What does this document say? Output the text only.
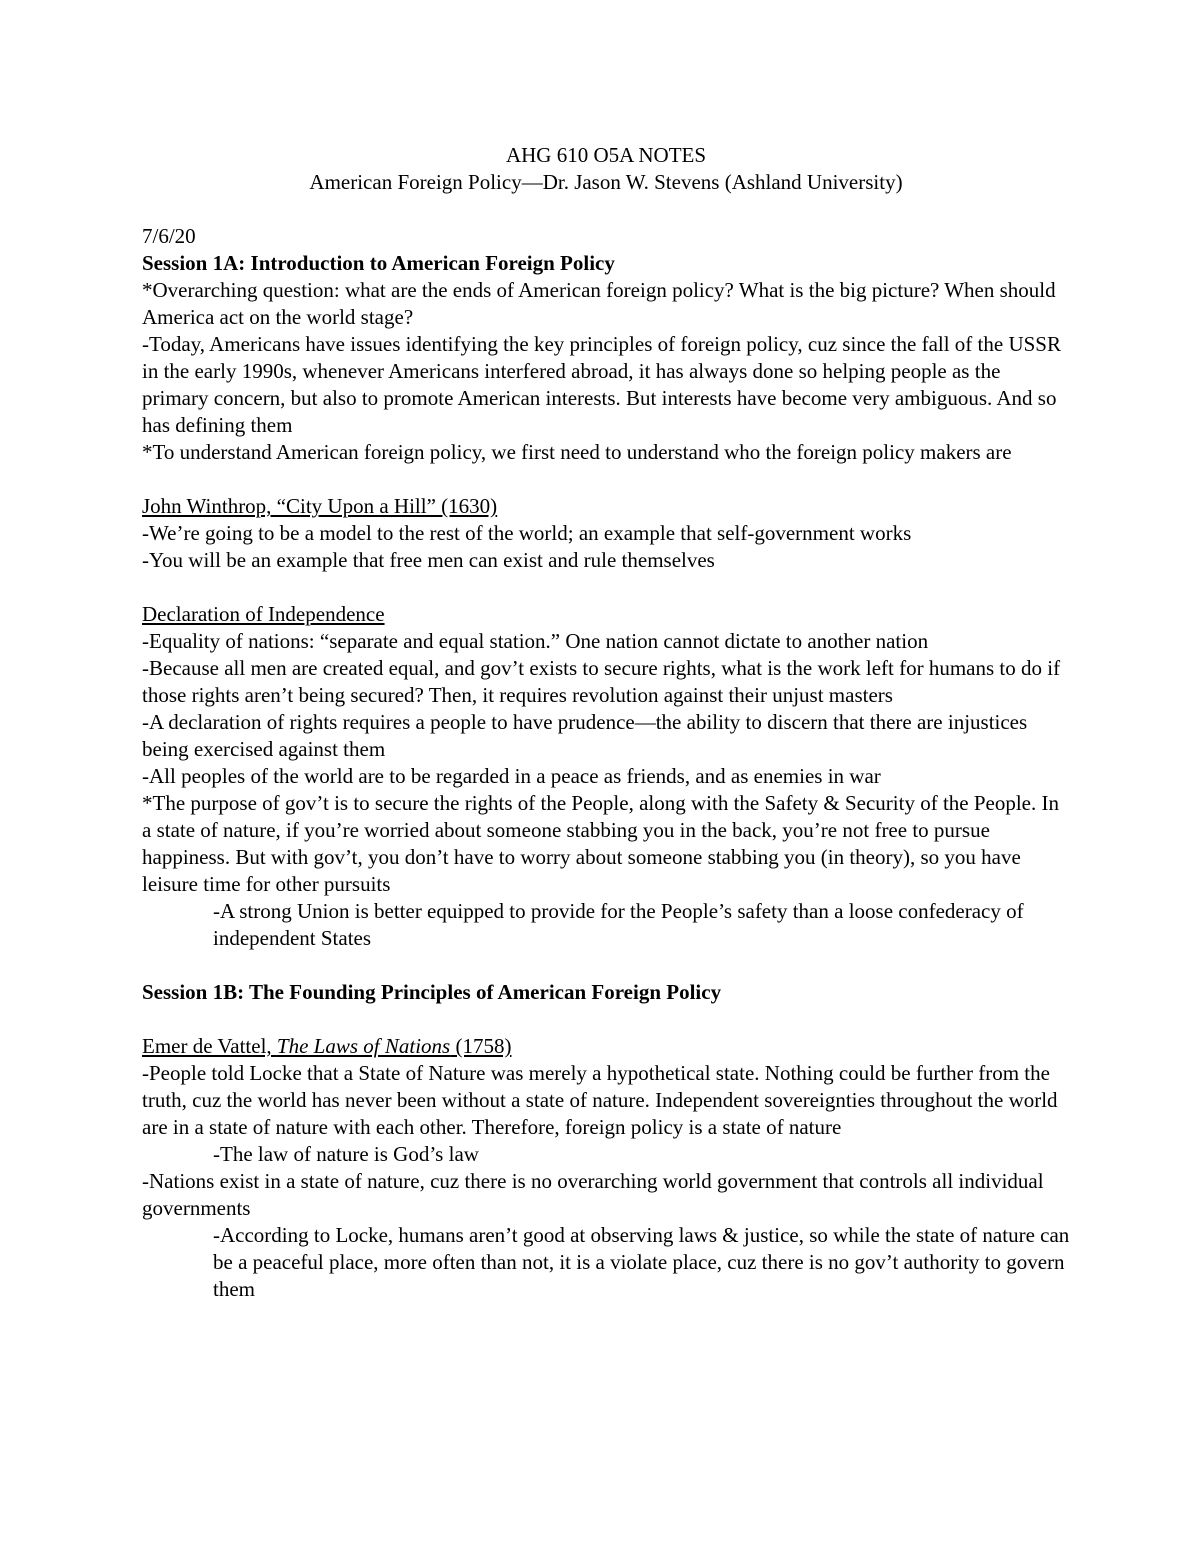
AHG 610 O5A NOTES

American Foreign Policy—Dr. Jason W. Stevens (Ashland University)

7/6/20

Session 1A: Introduction to American Foreign Policy

*Overarching question: what are the ends of American foreign policy? What is the big picture? When should America act on the world stage?

-Today, Americans have issues identifying the key principles of foreign policy, cuz since the fall of the USSR in the early 1990s, whenever Americans interfered abroad, it has always done so helping people as the primary concern, but also to promote American interests. But interests have become very ambiguous. And so has defining them

*To understand American foreign policy, we first need to understand who the foreign policy makers are

John Winthrop, “City Upon a Hill” (1630)

-We’re going to be a model to the rest of the world; an example that self-government works

-You will be an example that free men can exist and rule themselves

Declaration of Independence

-Equality of nations: “separate and equal station.” One nation cannot dictate to another nation

-Because all men are created equal, and gov’t exists to secure rights, what is the work left for humans to do if those rights aren’t being secured? Then, it requires revolution against their unjust masters

-A declaration of rights requires a people to have prudence—the ability to discern that there are injustices being exercised against them

-All peoples of the world are to be regarded in a peace as friends, and as enemies in war

*The purpose of gov’t is to secure the rights of the People, along with the Safety & Security of the People. In a state of nature, if you’re worried about someone stabbing you in the back, you’re not free to pursue happiness. But with gov’t, you don’t have to worry about someone stabbing you (in theory), so you have leisure time for other pursuits

-A strong Union is better equipped to provide for the People’s safety than a loose confederacy of independent States

Session 1B: The Founding Principles of American Foreign Policy

Emer de Vattel, The Laws of Nations (1758)

-People told Locke that a State of Nature was merely a hypothetical state. Nothing could be further from the truth, cuz the world has never been without a state of nature. Independent sovereignties throughout the world are in a state of nature with each other. Therefore, foreign policy is a state of nature

-The law of nature is God’s law

-Nations exist in a state of nature, cuz there is no overarching world government that controls all individual governments

-According to Locke, humans aren’t good at observing laws & justice, so while the state of nature can be a peaceful place, more often than not, it is a violate place, cuz there is no gov’t authority to govern them
